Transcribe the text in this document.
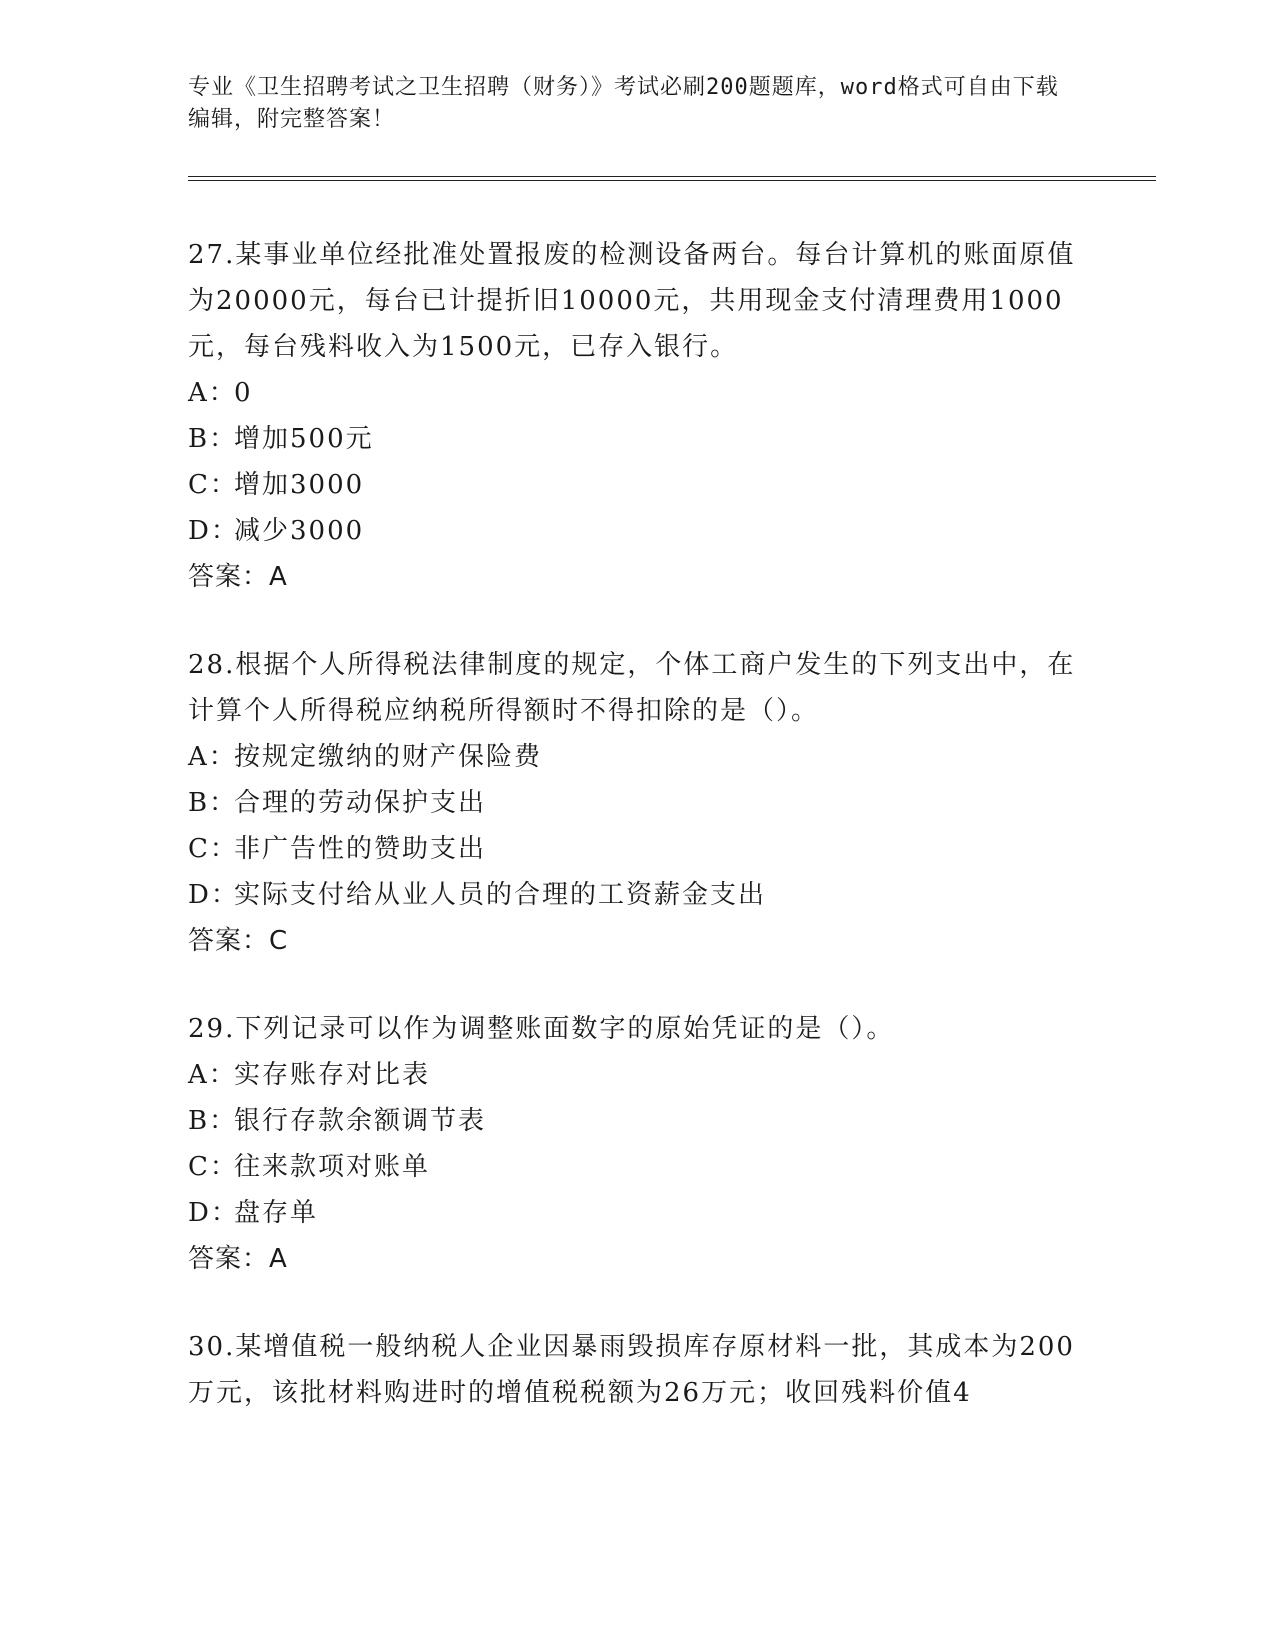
专业《卫生招聘考试之卫生招聘（财务）》考试必刷200题题库，word格式可自由下载编辑，附完整答案！
27.某事业单位经批准处置报废的检测设备两台。每台计算机的账面原值为20000元，每台已计提折旧10000元，共用现金支付清理费用1000元，每台残料收入为1500元，已存入银行。
A：0
B：增加500元
C：增加3000
D：减少3000
答案：A
28.根据个人所得税法律制度的规定，个体工商户发生的下列支出中，在计算个人所得税应纳税所得额时不得扣除的是（）。
A：按规定缴纳的财产保险费
B：合理的劳动保护支出
C：非广告性的赞助支出
D：实际支付给从业人员的合理的工资薪金支出
答案：C
29.下列记录可以作为调整账面数字的原始凭证的是（）。
A：实存账存对比表
B：银行存款余额调节表
C：往来款项对账单
D：盘存单
答案：A
30.某增值税一般纳税人企业因暴雨毁损库存原材料一批，其成本为200万元，该批材料购进时的增值税税额为26万元；收回残料价值4
